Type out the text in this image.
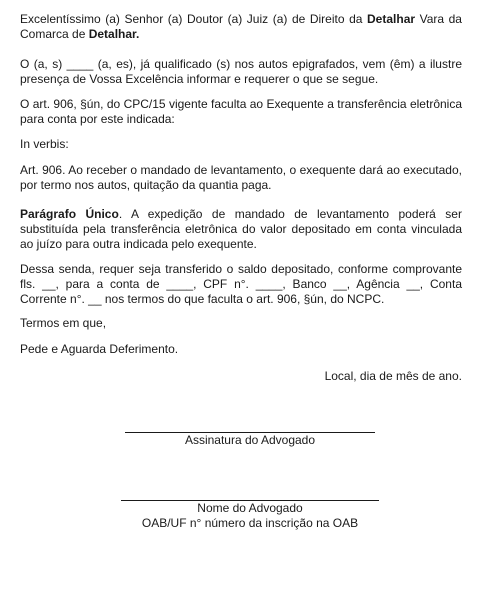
Excelentíssimo (a) Senhor (a) Doutor (a) Juiz (a) de Direito da Detalhar Vara da Comarca de Detalhar.

O (a, s) ____ (a, es), já qualificado (s) nos autos epigrafados, vem (êm) a ilustre presença de Vossa Excelência informar e requerer o que se segue.

O art. 906, §ún, do CPC/15 vigente faculta ao Exequente a transferência eletrônica para conta por este indicada:

In verbis:

Art. 906. Ao receber o mandado de levantamento, o exequente dará ao executado, por termo nos autos, quitação da quantia paga.

Parágrafo Único. A expedição de mandado de levantamento poderá ser substituída pela transferência eletrônica do valor depositado em conta vinculada ao juízo para outra indicada pelo exequente.

Dessa senda, requer seja transferido o saldo depositado, conforme comprovante fls. __, para a conta de ____, CPF n°. ____, Banco __, Agência __, Conta Corrente n°. __ nos termos do que faculta o art. 906, §ún, do NCPC.

Termos em que,

Pede e Aguarda Deferimento.

Local, dia de mês de ano.
Assinatura do Advogado
Nome do Advogado
OAB/UF n° número da inscrição na OAB
